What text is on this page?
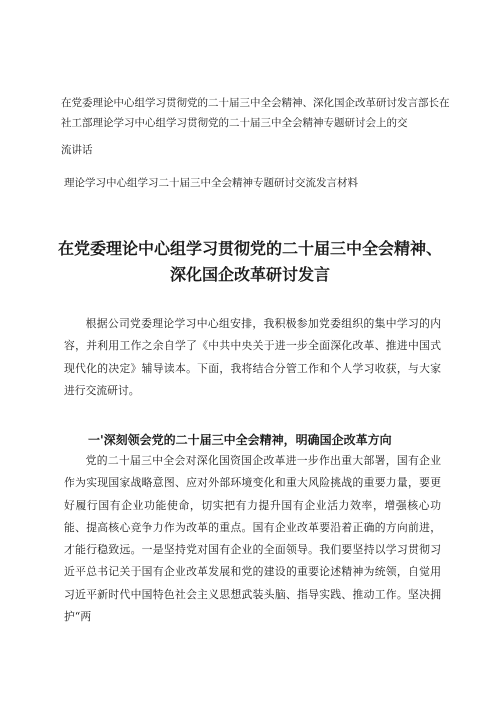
在党委理论中心组学习贯彻党的二十届三中全会精神、深化国企改革研讨发言部长在社工部理论学习中心组学习贯彻党的二十届三中全会精神专题研讨会上的交

流讲话

理论学习中心组学习二十届三中全会精神专题研讨交流发言材料

在党委理论中心组学习贯彻党的二十届三中全会精神、
深化国企改革研讨发言

根据公司党委理论学习中心组安排，我积极参加党委组织的集中学习的内容，并利用工作之余自学了《中共中央关于进一步全面深化改革、推进中国式现代化的决定》辅导读本。下面，我将结合分管工作和个人学习收获，与大家进行交流研讨。

一'深刻领会党的二十届三中全会精神，明确国企改革方向

党的二十届三中全会对深化国资国企改革进一步作出重大部署，国有企业作为实现国家战略意图、应对外部环境变化和重大风险挑战的重要力量，要更好履行国有企业功能使命，切实把有力提升国有企业活力效率，增强核心功能、提高核心竞争力作为改革的重点。国有企业改革要沿着正确的方向前进，才能行稳致远。一是坚持党对国有企业的全面领导。我们要坚持以学习贯彻习近平总书记关于国有企业改革发展和党的建设的重要论述精神为统领，自觉用习近平新时代中国特色社会主义思想武装头脑、指导实践、推动工作。坚决拥护“两
